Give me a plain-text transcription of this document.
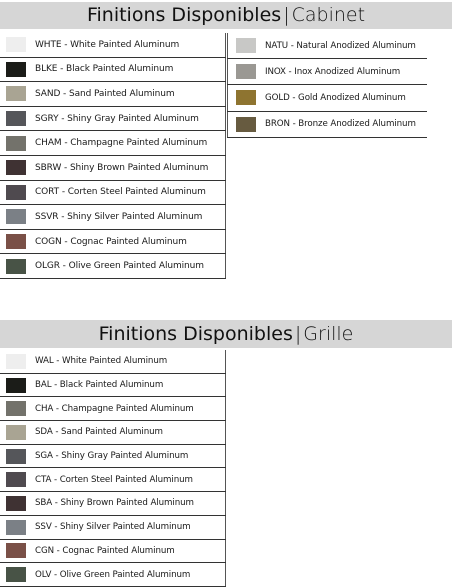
Finitions Disponibles | Cabinet
WHTE - White Painted Aluminum
BLKE - Black Painted Aluminum
SAND - Sand Painted Aluminum
SGRY - Shiny Gray Painted Aluminum
CHAM - Champagne Painted Aluminum
SBRW - Shiny Brown Painted Aluminum
CORT - Corten Steel Painted Aluminum
SSVR - Shiny Silver Painted Aluminum
COGN - Cognac Painted Aluminum
OLGR - Olive Green Painted Aluminum
NATU - Natural Anodized Aluminum
INOX - Inox Anodized Aluminum
GOLD - Gold Anodized Aluminum
BRON - Bronze Anodized Aluminum
Finitions Disponibles | Grille
WAL - White Painted Aluminum
BAL - Black Painted Aluminum
CHA - Champagne Painted Aluminum
SDA - Sand Painted Aluminum
SGA - Shiny Gray Painted Aluminum
CTA - Corten Steel Painted Aluminum
SBA - Shiny Brown Painted Aluminum
SSV - Shiny Silver Painted Aluminum
CGN - Cognac Painted Aluminum
OLV - Olive Green Painted Aluminum
